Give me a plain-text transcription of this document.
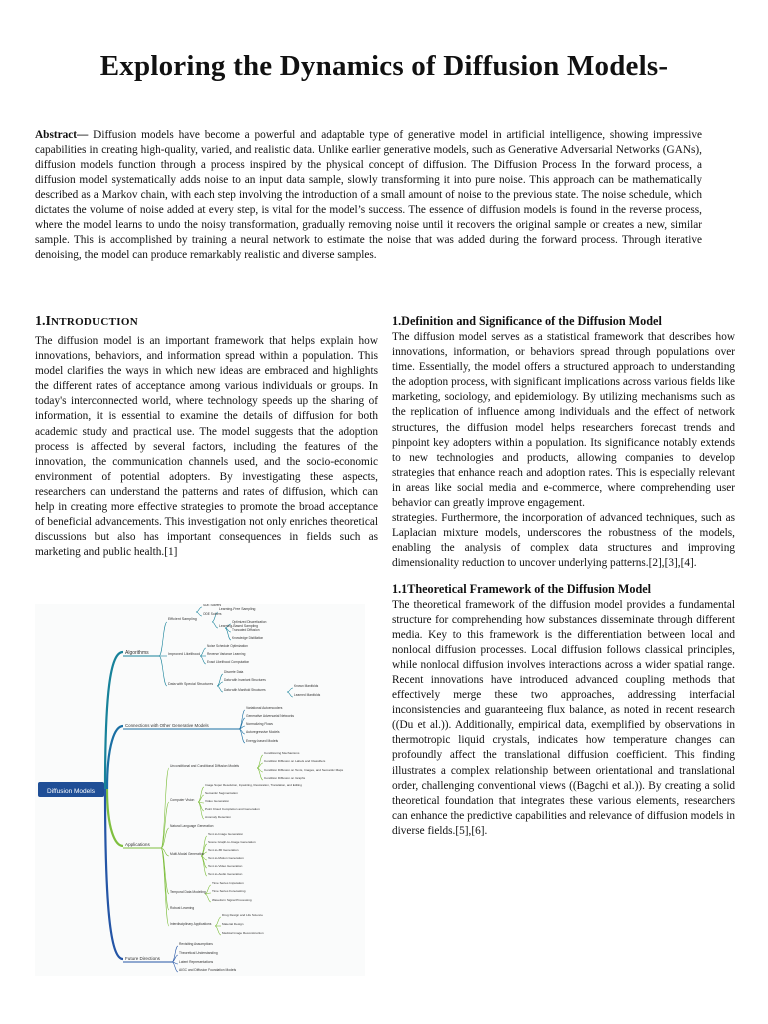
Exploring the Dynamics of Diffusion Models-
Abstract— Diffusion models have become a powerful and adaptable type of generative model in artificial intelligence, showing impressive capabilities in creating high-quality, varied, and realistic data. Unlike earlier generative models, such as Generative Adversarial Networks (GANs), diffusion models function through a process inspired by the physical concept of diffusion. The Diffusion Process In the forward process, a diffusion model systematically adds noise to an input data sample, slowly transforming it into pure noise. This approach can be mathematically described as a Markov chain, with each step involving the introduction of a small amount of noise to the previous state. The noise schedule, which dictates the volume of noise added at every step, is vital for the model’s success. The essence of diffusion models is found in the reverse process, where the model learns to undo the noisy transformation, gradually removing noise until it recovers the original sample or creates a new, similar sample. This is accomplished by training a neural network to estimate the noise that was added during the forward process. Through iterative denoising, the model can produce remarkably realistic and diverse samples.
1.INTRODUCTION

The diffusion model is an important framework that helps explain how innovations, behaviors, and information spread within a population. This model clarifies the ways in which new ideas are embraced and highlights the different rates of acceptance among various individuals or groups. In today's interconnected world, where technology speeds up the sharing of information, it is essential to examine the details of diffusion for both academic study and practical use. The model suggests that the adoption process is affected by several factors, including the features of the innovation, the communication channels used, and the socio-economic environment of potential adopters. By investigating these aspects, researchers can understand the patterns and rates of diffusion, which can help in creating more effective strategies to promote the broad acceptance of beneficial advancements. This investigation not only enriches theoretical discussions but also has important consequences in fields such as marketing and public health.[1]

Diffusion Models
Algorithms
Efficient Sampling
Learning-Free Sampling
SDE Solvers
ODE Solvers
Learning-Based Sampling
Optimized Discretization
Truncated Diffusion
Knowledge Distillation
Improved Likelihood
Noise Schedule Optimization
Reverse Variance Learning
Exact Likelihood Computation
Data with Special Structures
Discrete Data
Data with Invariant Structures
Data with Manifold Structures
Known Manifolds
Learned Manifolds
Connections with Other Generative Models
Variational Autoencoders
Generative Adversarial Networks
Normalizing Flows
Autoregressive Models
Energy-based Models
Applications
Unconditional and Conditional Diffusion Models
Conditioning Mechanisms
Condition Diffusion on Labels and Classifiers
Condition Diffusion on Texts, Images, and Semantic Maps
Condition Diffusion on Graphs
Computer Vision
Image Super Resolution, Inpainting, Restoration, Translation, and Editing
Semantic Segmentation
Video Generation
Point Cloud Completion and Generation
Anomaly Detection
Natural Language Generation
Multi-Modal Generation
Text-to-Image Generation
Scene Graph-to-Image Generation
Text-to-3D Generation
Text-to-Motion Generation
Text-to-Video Generation
Text-to-Audio Generation
Temporal Data Modeling
Time Series Imputation
Time Series Forecasting
Waveform Signal Processing
Robust Learning
Interdisciplinary Applications
Drug Design and Life Science
Material Design
Medical Image Reconstruction
Future Directions
Revisiting Assumptions
Theoretical Understanding
Latent Representations
AIGC and Diffusion Foundation Models
1.Definition and Significance of the Diffusion Model

The diffusion model serves as a statistical framework that describes how innovations, information, or behaviors spread through populations over time. Essentially, the model offers a structured approach to understanding the adoption process, with significant implications across various fields like marketing, sociology, and epidemiology. By utilizing mechanisms such as the replication of influence among individuals and the effect of network structures, the diffusion model helps researchers forecast trends and pinpoint key adopters within a population. Its significance notably extends to new technologies and products, allowing companies to develop strategies that enhance reach and adoption rates. This is especially relevant in areas like social media and e-commerce, where comprehending user behavior can greatly improve engagement.

strategies. Furthermore, the incorporation of advanced techniques, such as Laplacian mixture models, underscores the robustness of the models, enabling the analysis of complex data structures and improving dimensionality reduction to uncover underlying patterns.[2],[3],[4].

1.1Theoretical Framework of the Diffusion Model

The theoretical framework of the diffusion model provides a fundamental structure for comprehending how substances disseminate through different media. Key to this framework is the differentiation between local and nonlocal diffusion processes. Local diffusion follows classical principles, while nonlocal diffusion involves interactions across a wider spatial range. Recent innovations have introduced advanced coupling methods that effectively merge these two approaches, addressing interfacial inconsistencies and guaranteeing flux balance, as noted in recent research ((Du et al.)). Additionally, empirical data, exemplified by observations in thermotropic liquid crystals, indicates how temperature changes can profoundly affect the translational diffusion coefficient. This finding illustrates a complex relationship between orientational and translational order, challenging conventional views ((Bagchi et al.)). By creating a solid theoretical foundation that integrates these various elements, researchers can enhance the predictive capabilities and relevance of diffusion models in diverse fields.[5],[6].
